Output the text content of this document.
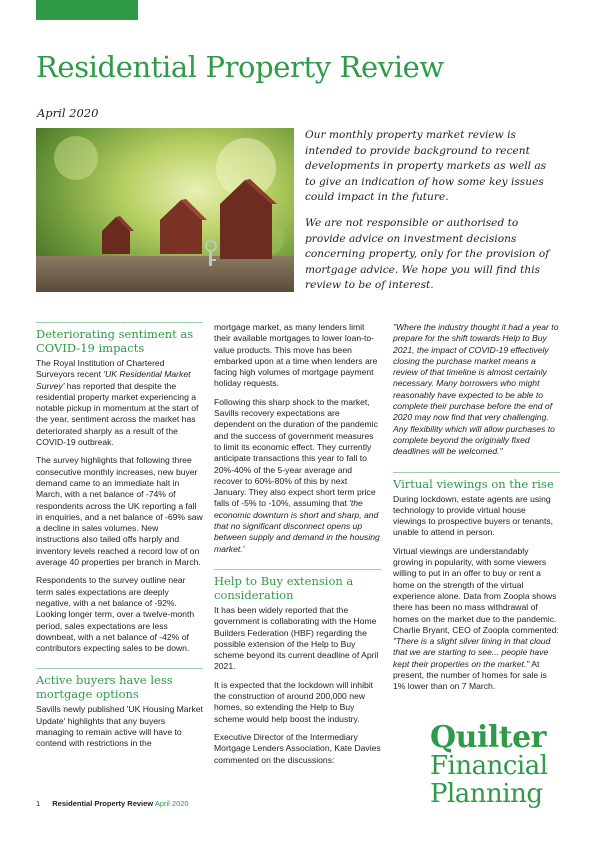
Residential Property Review
April 2020

Our monthly property market review is intended to provide background to recent developments in property markets as well as to give an indication of how some key issues could impact in the future.

We are not responsible or authorised to provide advice on investment decisions concerning property, only for the provision of mortgage advice. We hope you will find this review to be of interest.

Deteriorating sentiment as COVID-19 impacts

The Royal Institution of Chartered Surveyors recent 'UK Residential Market Survey' has reported that despite the residential property market experiencing a notable pickup in momentum at the start of the year, sentiment across the market has deteriorated sharply as a result of the COVID-19 outbreak.

The survey highlights that following three consecutive monthly increases, new buyer demand came to an immediate halt in March, with a net balance of -74% of respondents across the UK reporting a fall in enquiries, and a net balance of -69% saw a decline in sales volumes. New instructions also tailed offs harply and inventory levels reached a record low of on average 40 properties per branch in March.

Respondents to the survey outline near term sales expectations are deeply negative, with a net balance of -92%. Looking longer term, over a twelve-month period, sales expectations are less downbeat, with a net balance of -42% of contributors expecting sales to be down.

Active buyers have less mortgage options

Savills newly published 'UK Housing Market Update' highlights that any buyers managing to remain active will have to contend with restrictions in the

mortgage market, as many lenders limit their available mortgages to lower loan-to-value products. This move has been embarked upon at a time when lenders are facing high volumes of mortgage payment holiday requests.

Following this sharp shock to the market, Savills recovery expectations are dependent on the duration of the pandemic and the success of government measures to limit its economic effect. They currently anticipate transactions this year to fall to 20%-40% of the 5-year average and recover to 60%-80% of this by next January. They also expect short term price falls of -5% to -10%, assuming that 'the economic downturn is short and sharp, and that no significant disconnect opens up between supply and demand in the housing market.'

Help to Buy extension a consideration

It has been widely reported that the government is collaborating with the Home Builders Federation (HBF) regarding the possible extension of the Help to Buy scheme beyond its current deadline of April 2021.

It is expected that the lockdown will inhibit the construction of around 200,000 new homes, so extending the Help to Buy scheme would help boost the industry.

Executive Director of the Intermediary Mortgage Lenders Association, Kate Davies commented on the discussions:

"Where the industry thought it had a year to prepare for the shift towards Help to Buy 2021, the impact of COVID-19 effectively closing the purchase market means a review of that timeline is almost certainly necessary. Many borrowers who might reasonably have expected to be able to complete their purchase before the end of 2020 may now find that very challenging. Any flexibility which will allow purchases to complete beyond the originally fixed deadlines will be welcomed."

Virtual viewings on the rise

During lockdown, estate agents are using technology to provide virtual house viewings to prospective buyers or tenants, unable to attend in person.

Virtual viewings are understandably growing in popularity, with some viewers willing to put in an offer to buy or rent a home on the strength of the virtual experience alone. Data from Zoopla shows there has been no mass withdrawal of homes on the market due to the pandemic. Charlie Bryant, CEO of Zoopla commented: "There is a slight silver lining in that cloud that we are starting to see... people have kept their properties on the market." At present, the number of homes for sale is 1% lower than on 7 March.

Quilter
Financial
Planning
1 Residential Property Review April 2020
